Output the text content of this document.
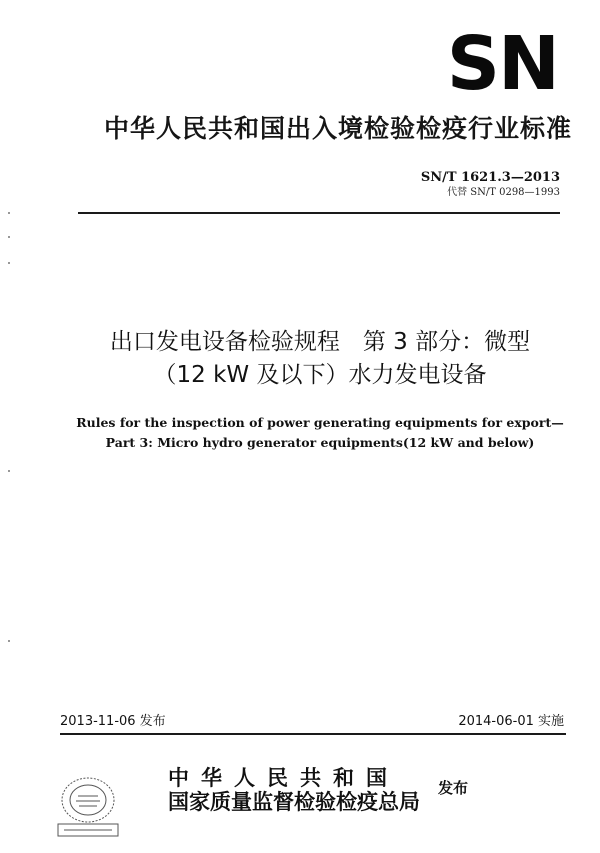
SN
中华人民共和国出入境检验检疫行业标准
SN/T 1621.3—2013
代替 SN/T 0298—1993
出口发电设备检验规程　第 3 部分：微型
（12 kW 及以下）水力发电设备
Rules for the inspection of power generating equipments for export—
Part 3: Micro hydro generator equipments(12 kW and below)
2013-11-06 发布	2014-06-01 实施
中华人民共和国
国家质量监督检验检疫总局
发布
